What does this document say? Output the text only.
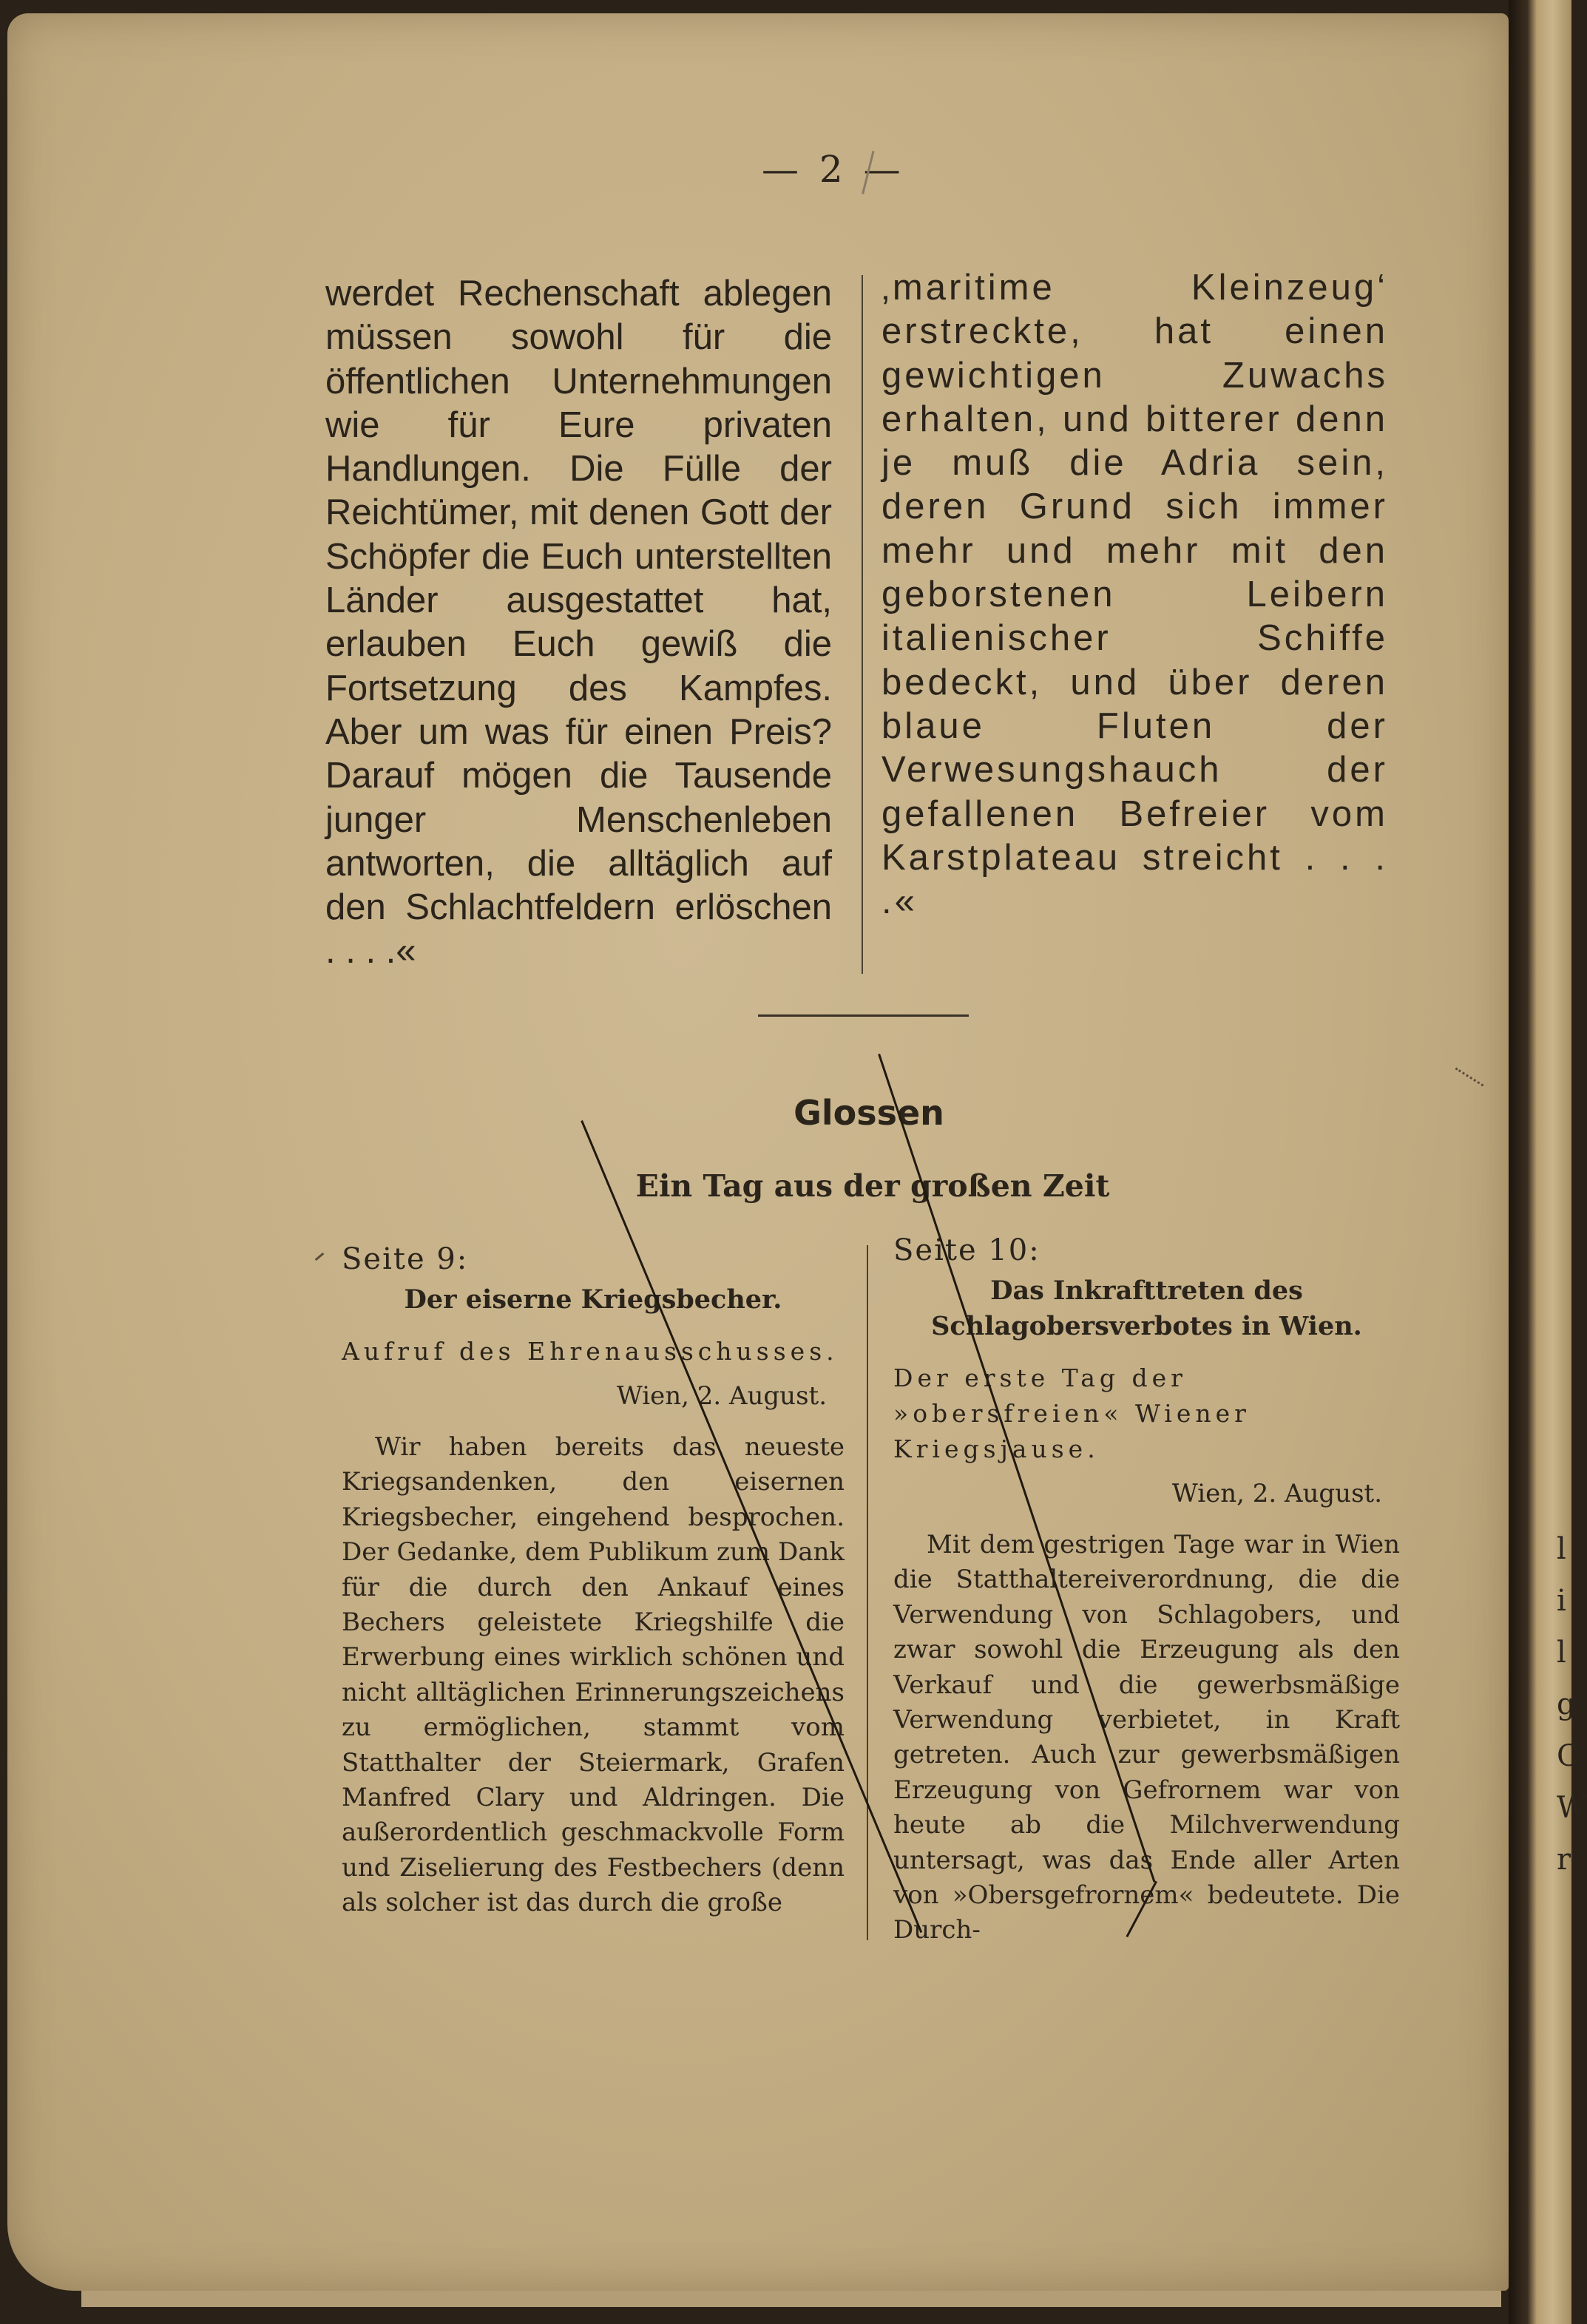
l
i
l
g
C
W
r
— 2 —
werdet Rechenschaft ablegen müssen sowohl für die öffentlichen Unternehmungen wie für Eure privaten Handlungen. Die Fülle der Reichtümer, mit denen Gott der Schöpfer die Euch unterstellten Länder ausgestattet hat, erlauben Euch gewiß die Fortsetzung des Kampfes. Aber um was für einen Preis? Darauf mögen die Tausende junger Menschenleben antworten, die alltäglich auf den Schlachtfeldern erlöschen . . . .«
‚maritime Kleinzeug‘ erstreckte, hat einen gewichtigen Zuwachs erhalten, und bitterer denn je muß die Adria sein, deren Grund sich immer mehr und mehr mit den geborstenen Leibern italienischer Schiffe bedeckt, und über deren blaue Fluten der Verwesungshauch der gefallenen Befreier vom Karstplateau streicht . . . .«
Glossen
Ein Tag aus der großen Zeit

Seite 9:

Der eiserne Kriegsbecher.

Aufruf des Ehrenausschusses.

Wien, 2. August.

Wir haben bereits das neueste Kriegsandenken, den eisernen Kriegsbecher, eingehend besprochen. Der Gedanke, dem Publikum zum Dank für die durch den Ankauf eines Bechers geleistete Kriegshilfe die Erwerbung eines wirklich schönen und nicht alltäglichen Erinnerungszeichens zu ermöglichen, stammt vom Statthalter der Steiermark, Grafen Manfred Clary und Aldringen. Die außerordentlich geschmackvolle Form und Ziselierung des Festbechers (denn als solcher ist das durch die große

Seite 10:

Das Inkrafttreten des Schlagobersverbotes in Wien.

Der erste Tag der »obersfreien« Wiener Kriegsjause.

Wien, 2. August.

Mit dem gestrigen Tage war in Wien die Statthaltereiverordnung, die die Verwendung von Schlagobers, und zwar sowohl die Erzeugung als den Verkauf und die gewerbsmäßige Verwendung verbietet, in Kraft getreten. Auch zur gewerbsmäßigen Erzeugung von Gefrornem war von heute ab die Milchverwendung untersagt, was das Ende aller Arten von »Obersgefrornem« bedeutete. Die Durch-
